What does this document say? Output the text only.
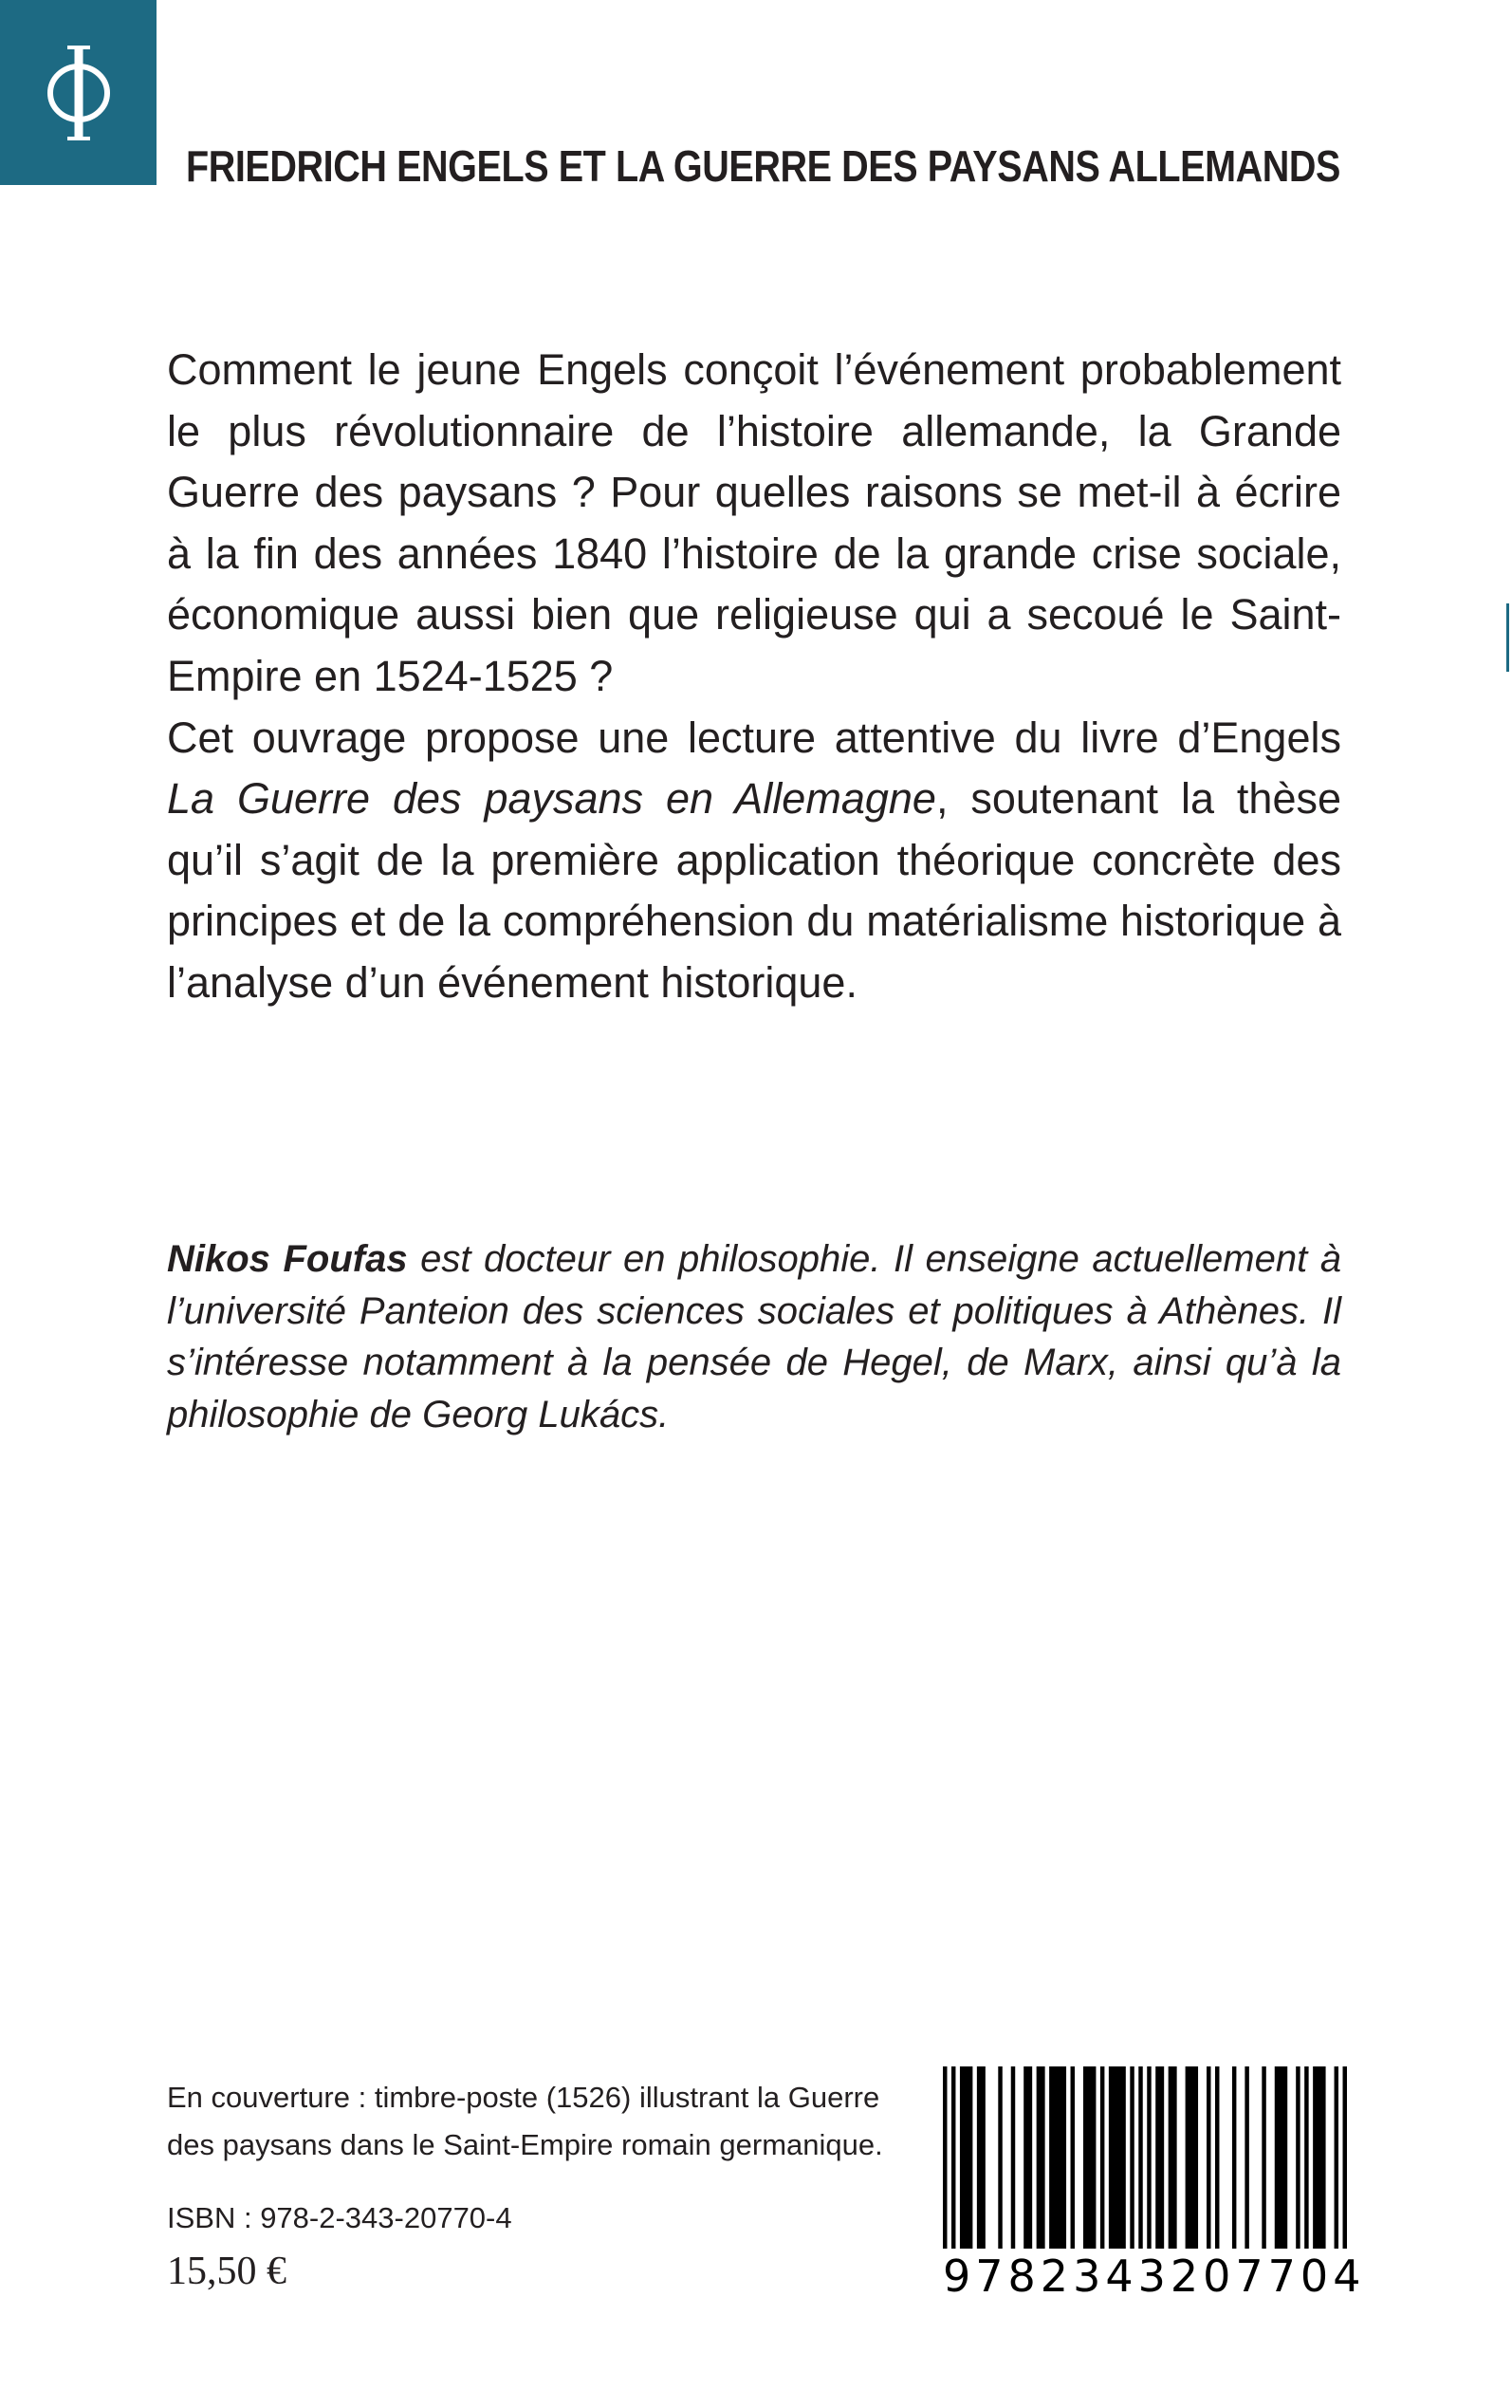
FRIEDRICH ENGELS ET LA GUERRE DES PAYSANS ALLEMANDS

Comment le jeune Engels conçoit l’événement probablement le plus révolutionnaire de l’histoire allemande, la Grande Guerre des paysans ? Pour quelles raisons se met-il à écrire à la fin des années 1840 l’histoire de la grande crise sociale, économique aussi bien que religieuse qui a secoué le Saint-Empire en 1524-1525 ?

Cet ouvrage propose une lecture attentive du livre d’Engels La Guerre des paysans en Allemagne, soutenant la thèse qu’il s’agit de la première application théorique concrète des principes et de la compréhension du matérialisme historique à l’analyse d’un événement historique.

Nikos Foufas est docteur en philosophie. Il enseigne actuellement à l’université Panteion des sciences sociales et politiques à Athènes. Il s’intéresse notamment à la pensée de Hegel, de Marx, ainsi qu’à la philosophie de Georg Lukács.
En couverture : timbre-poste (1526) illustrant la Guerre des paysans dans le Saint-Empire romain germanique.
ISBN : 978-2-343-20770-4
15,50 €	9782343207704
